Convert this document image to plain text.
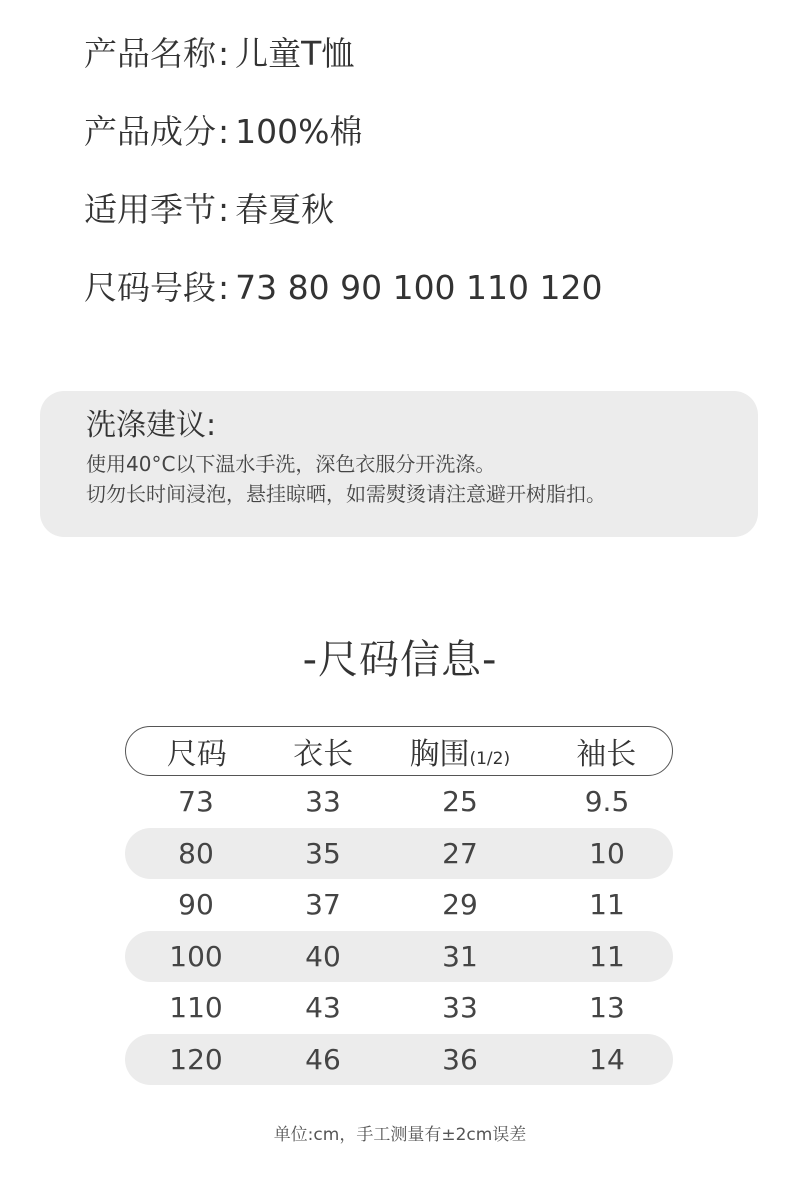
产品名称: 儿童T恤
产品成分: 100%棉
适用季节: 春夏秋
尺码号段: 73 80 90 100 110 120
洗涤建议:
使用40°C以下温水手洗，深色衣服分开洗涤。
切勿长时间浸泡，悬挂晾晒，如需熨烫请注意避开树脂扣。
-尺码信息-
尺码	衣长	胸围(1/2)	袖长
73	33	25	9.5
80	35	27	10
90	37	29	11
100	40	31	11
110	43	33	13
120	46	36	14
单位:cm，手工测量有±2cm误差
